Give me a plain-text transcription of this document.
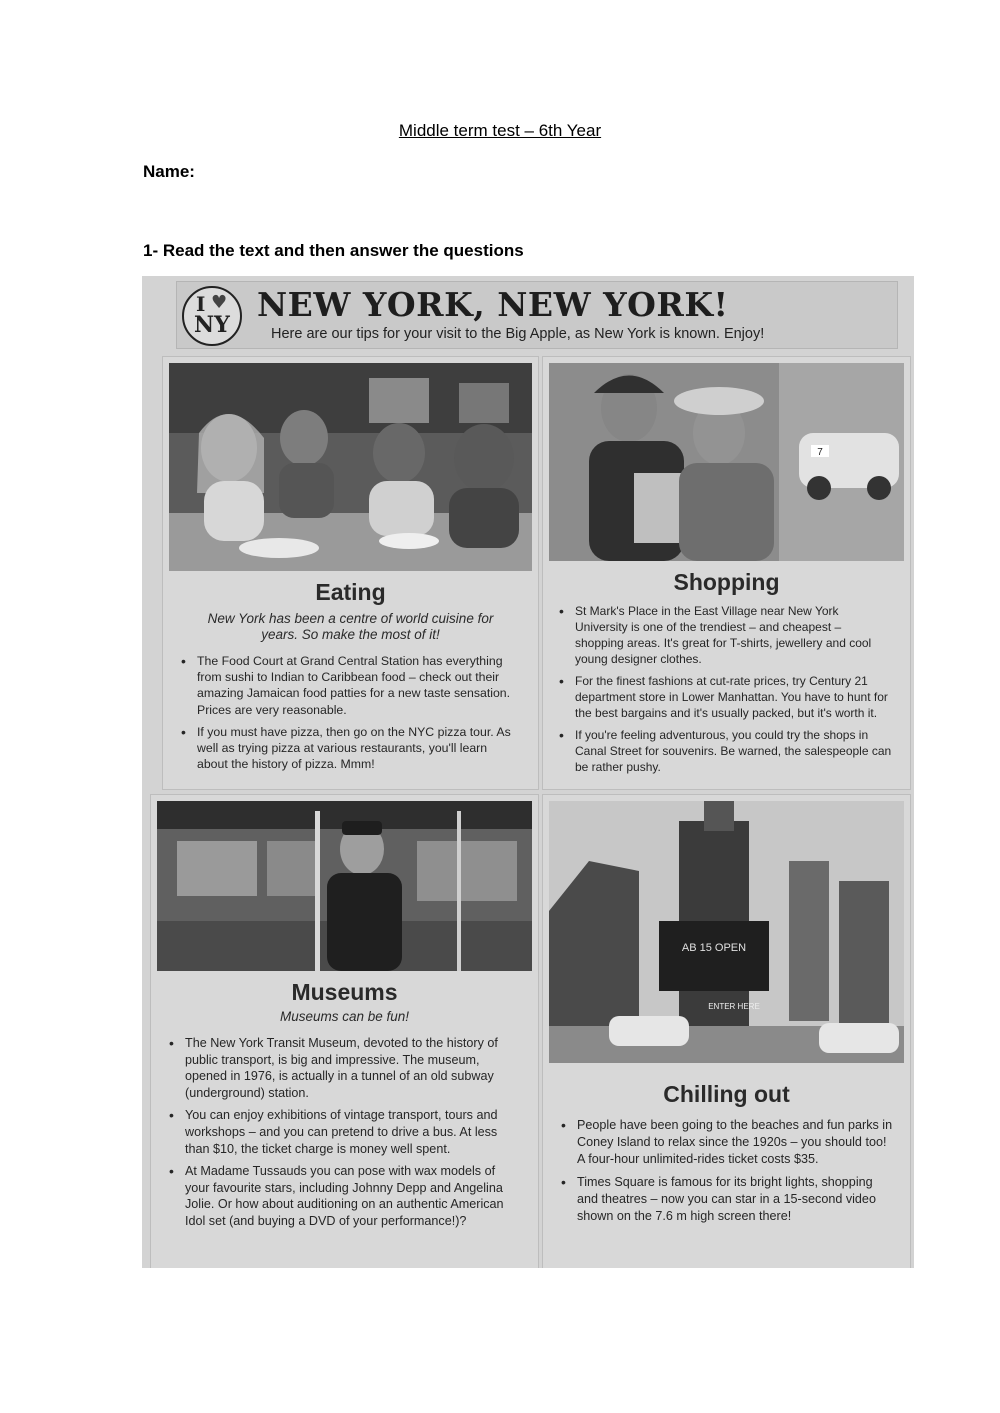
Middle term test – 6th Year
Name:
1- Read the text and then answer the questions
I ♥
NY
NEW YORK, NEW YORK!
Here are our tips for your visit to the Big Apple, as New York is known. Enjoy!
Eating
New York has been a centre of world cuisine for years. So make the most of it!
• The Food Court at Grand Central Station has everything from sushi to Indian to Caribbean food – check out their amazing Jamaican food patties for a new taste sensation. Prices are very reasonable.
• If you must have pizza, then go on the NYC pizza tour. As well as trying pizza at various restaurants, you'll learn about the history of pizza. Mmm!
7
Shopping
• St Mark's Place in the East Village near New York University is one of the trendiest – and cheapest – shopping areas. It's great for T-shirts, jewellery and cool young designer clothes.
• For the finest fashions at cut-rate prices, try Century 21 department store in Lower Manhattan. You have to hunt for the best bargains and it's usually packed, but it's worth it.
• If you're feeling adventurous, you could try the shops in Canal Street for souvenirs. Be warned, the salespeople can be rather pushy.
Museums
Museums can be fun!
• The New York Transit Museum, devoted to the history of public transport, is big and impressive. The museum, opened in 1976, is actually in a tunnel of an old subway (underground) station.
• You can enjoy exhibitions of vintage transport, tours and workshops – and you can pretend to drive a bus. At less than $10, the ticket charge is money well spent.
• At Madame Tussauds you can pose with wax models of your favourite stars, including Johnny Depp and Angelina Jolie. Or how about auditioning on an authentic American Idol set (and buying a DVD of your performance!)?
AB 15 OPEN
ENTER HERE
Chilling out
• People have been going to the beaches and fun parks in Coney Island to relax since the 1920s – you should too! A four-hour unlimited-rides ticket costs $35.
• Times Square is famous for its bright lights, shopping and theatres – now you can star in a 15-second video shown on the 7.6 m high screen there!
